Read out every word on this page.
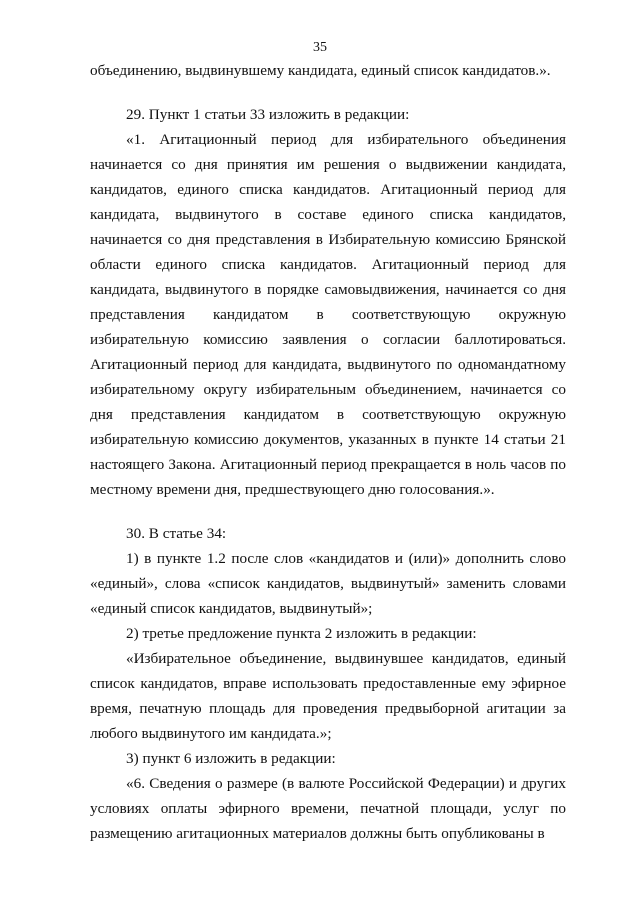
35

объединению, выдвинувшему кандидата, единый список кандидатов.».

29. Пункт 1 статьи 33 изложить в редакции:

«1. Агитационный период для избирательного объединения начинается со дня принятия им решения о выдвижении кандидата, кандидатов, единого списка кандидатов. Агитационный период для кандидата, выдвинутого в составе единого списка кандидатов, начинается со дня представления в Избирательную комиссию Брянской области единого списка кандидатов. Агитационный период для кандидата, выдвинутого в порядке самовыдвижения, начинается со дня представления кандидатом в соответствующую окружную избирательную комиссию заявления о согласии баллотироваться. Агитационный период для кандидата, выдвинутого по одномандатному избирательному округу избирательным объединением, начинается со дня представления кандидатом в соответствующую окружную избирательную комиссию документов, указанных в пункте 14 статьи 21 настоящего Закона. Агитационный период прекращается в ноль часов по местному времени дня, предшествующего дню голосования.».

30. В статье 34:

1) в пункте 1.2 после слов «кандидатов и (или)» дополнить слово «единый», слова «список кандидатов, выдвинутый» заменить словами «единый список кандидатов, выдвинутый»;

2) третье предложение пункта 2 изложить в редакции:

«Избирательное объединение, выдвинувшее кандидатов, единый список кандидатов, вправе использовать предоставленные ему эфирное время, печатную площадь для проведения предвыборной агитации за любого выдвинутого им кандидата.»;

3) пункт 6 изложить в редакции:

«6. Сведения о размере (в валюте Российской Федерации) и других условиях оплаты эфирного времени, печатной площади, услуг по размещению агитационных материалов должны быть опубликованы в
